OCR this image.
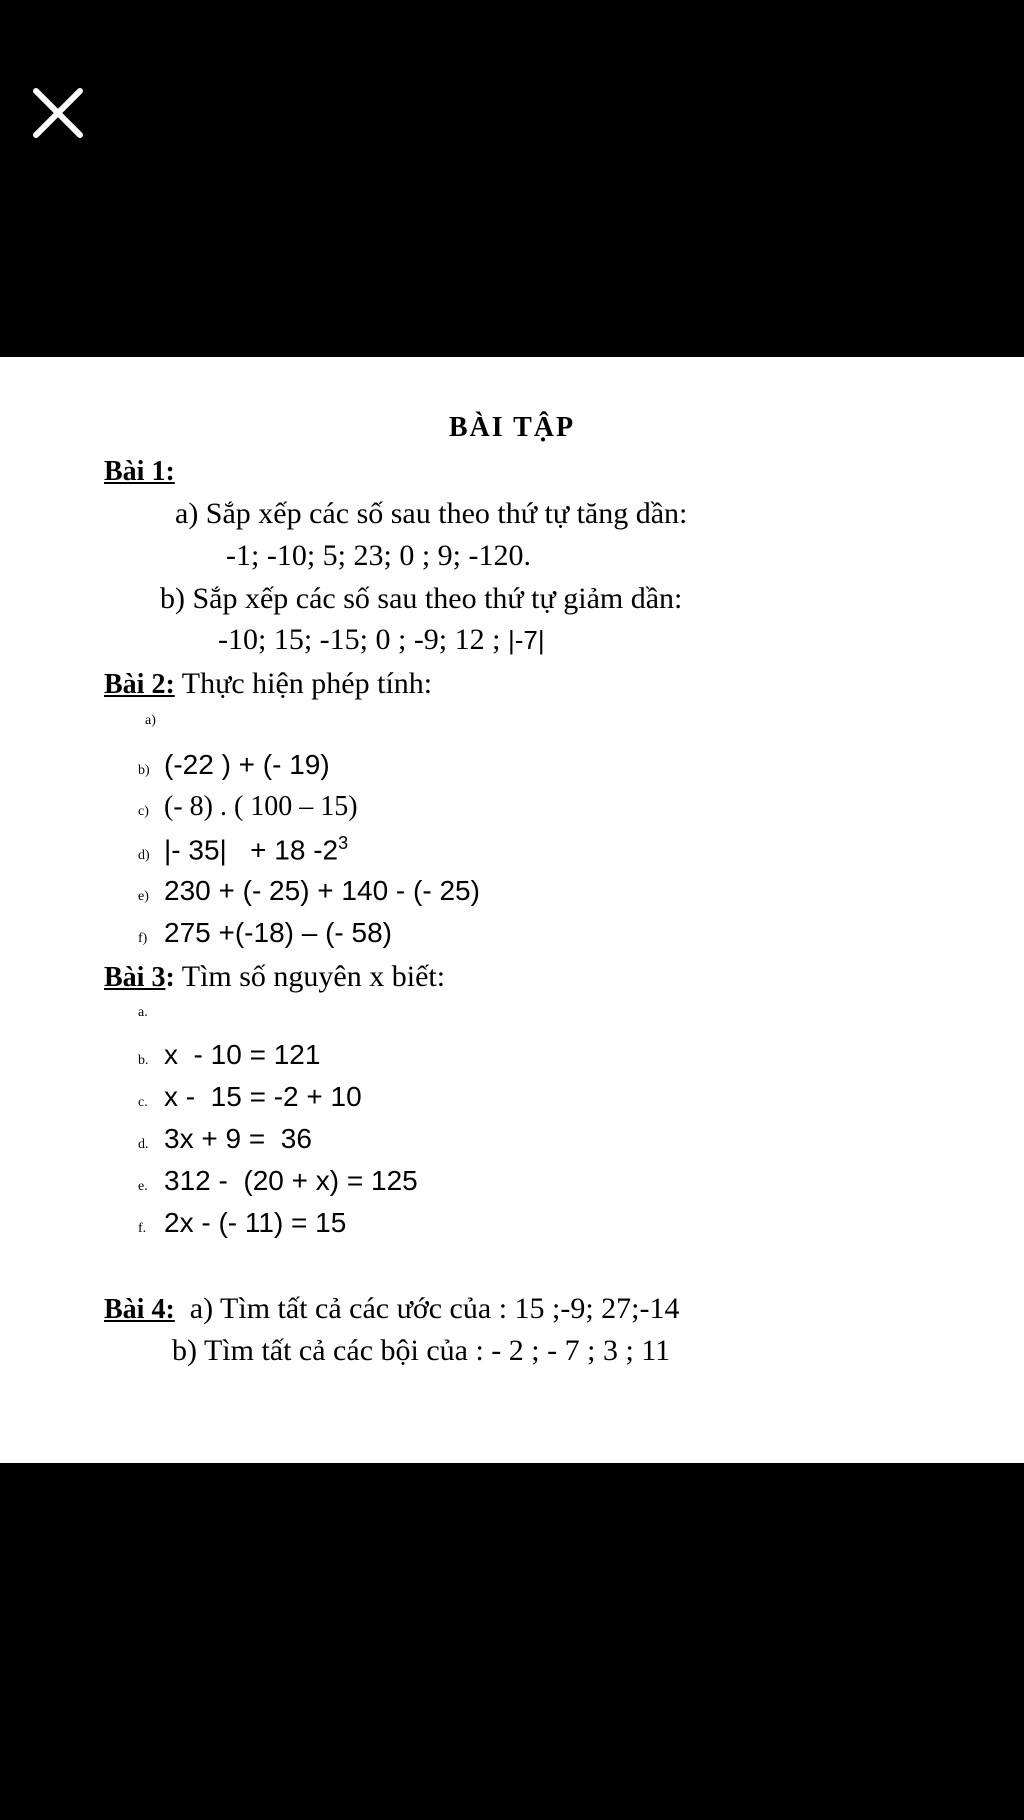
BÀI TẬP
Bài 1:
a) Sắp xếp các số sau theo thứ tự tăng dần:
-1; -10; 5; 23; 0 ; 9; -120.
b) Sắp xếp các số sau theo thứ tự giảm dần:
-10; 15; -15; 0 ; -9; 12 ; |-7|
Bài 2: Thực hiện phép tính:
a)
b) (-22 ) + (- 19)
c) (- 8) . ( 100 – 15)
d) |- 35|   + 18 $-2^3$
e) 230 + (- 25) + 140 - (- 25)
f) 275 +(-18) – (- 58)
Bài 3: Tìm số nguyên x biết:
a.
b. x  - 10 = 121
c. x -  15 = -2 + 10
d. 3x + 9 =  36
e. 312 -  (20 + x) = 125
f. 2x - (- 11) = 15
Bài 4:  a) Tìm tất cả các ước của : 15 ;-9; 27;-14
b) Tìm tất cả các bội của : - 2 ; - 7 ; 3 ; 11
